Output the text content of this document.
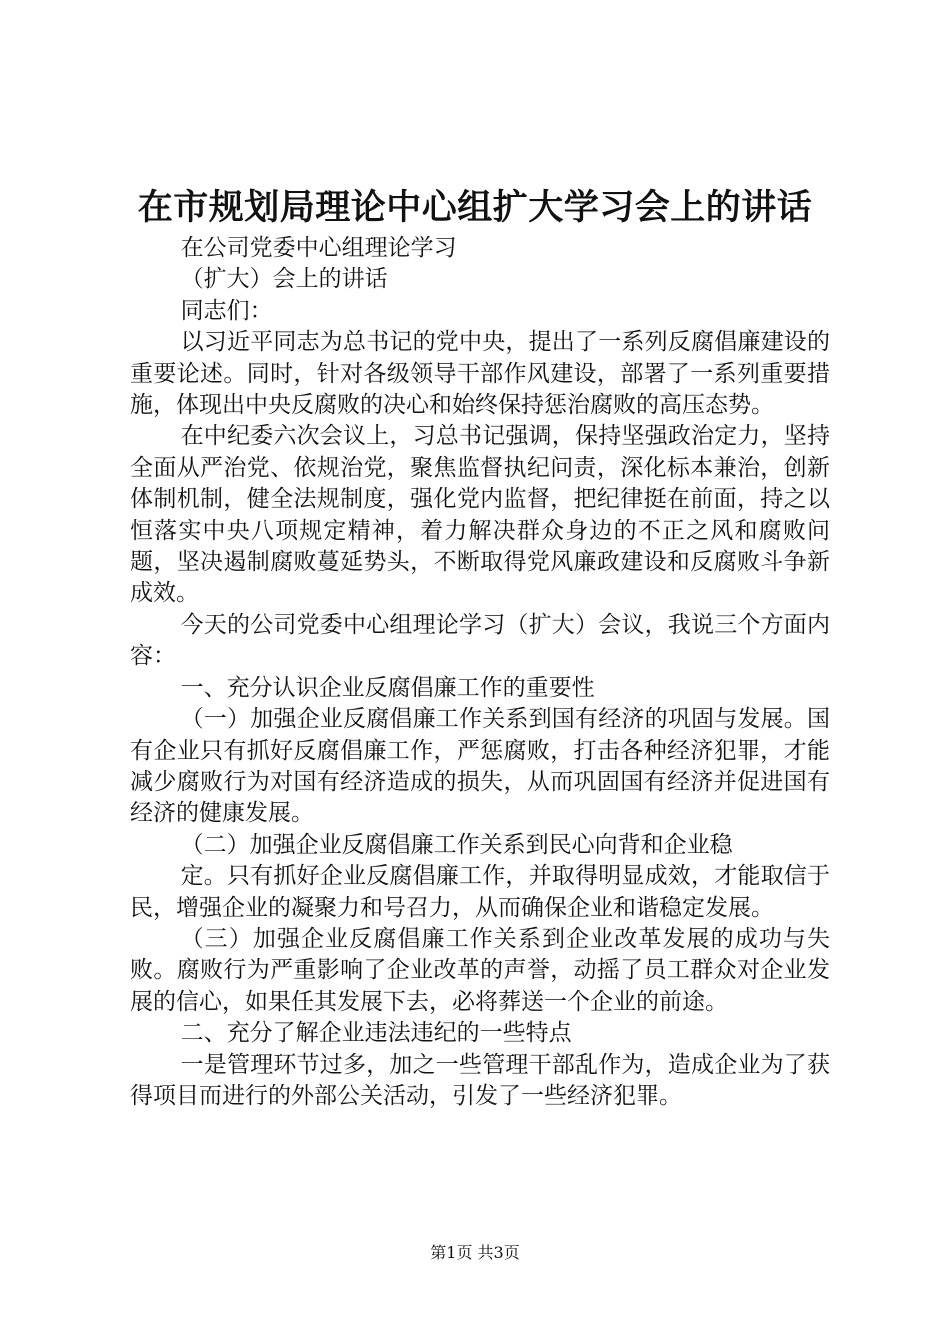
在市规划局理论中心组扩大学习会上的讲话

在公司党委中心组理论学习

（扩大）会上的讲话

同志们：

以习近平同志为总书记的党中央，提出了一系列反腐倡廉建设的重要论述。同时，针对各级领导干部作风建设，部署了一系列重要措施，体现出中央反腐败的决心和始终保持惩治腐败的高压态势。

在中纪委六次会议上，习总书记强调，保持坚强政治定力，坚持全面从严治党、依规治党，聚焦监督执纪问责，深化标本兼治，创新体制机制，健全法规制度，强化党内监督，把纪律挺在前面，持之以恒落实中央八项规定精神，着力解决群众身边的不正之风和腐败问题，坚决遏制腐败蔓延势头，不断取得党风廉政建设和反腐败斗争新成效。

今天的公司党委中心组理论学习（扩大）会议，我说三个方面内容：

一、充分认识企业反腐倡廉工作的重要性

（一）加强企业反腐倡廉工作关系到国有经济的巩固与发展。国有企业只有抓好反腐倡廉工作，严惩腐败，打击各种经济犯罪，才能减少腐败行为对国有经济造成的损失，从而巩固国有经济并促进国有经济的健康发展。

（二）加强企业反腐倡廉工作关系到民心向背和企业稳

定。只有抓好企业反腐倡廉工作，并取得明显成效，才能取信于民，增强企业的凝聚力和号召力，从而确保企业和谐稳定发展。

（三）加强企业反腐倡廉工作关系到企业改革发展的成功与失败。腐败行为严重影响了企业改革的声誉，动摇了员工群众对企业发展的信心，如果任其发展下去，必将葬送一个企业的前途。

二、充分了解企业违法违纪的一些特点

一是管理环节过多，加之一些管理干部乱作为，造成企业为了获得项目而进行的外部公关活动，引发了一些经济犯罪。

第1页 共3页
